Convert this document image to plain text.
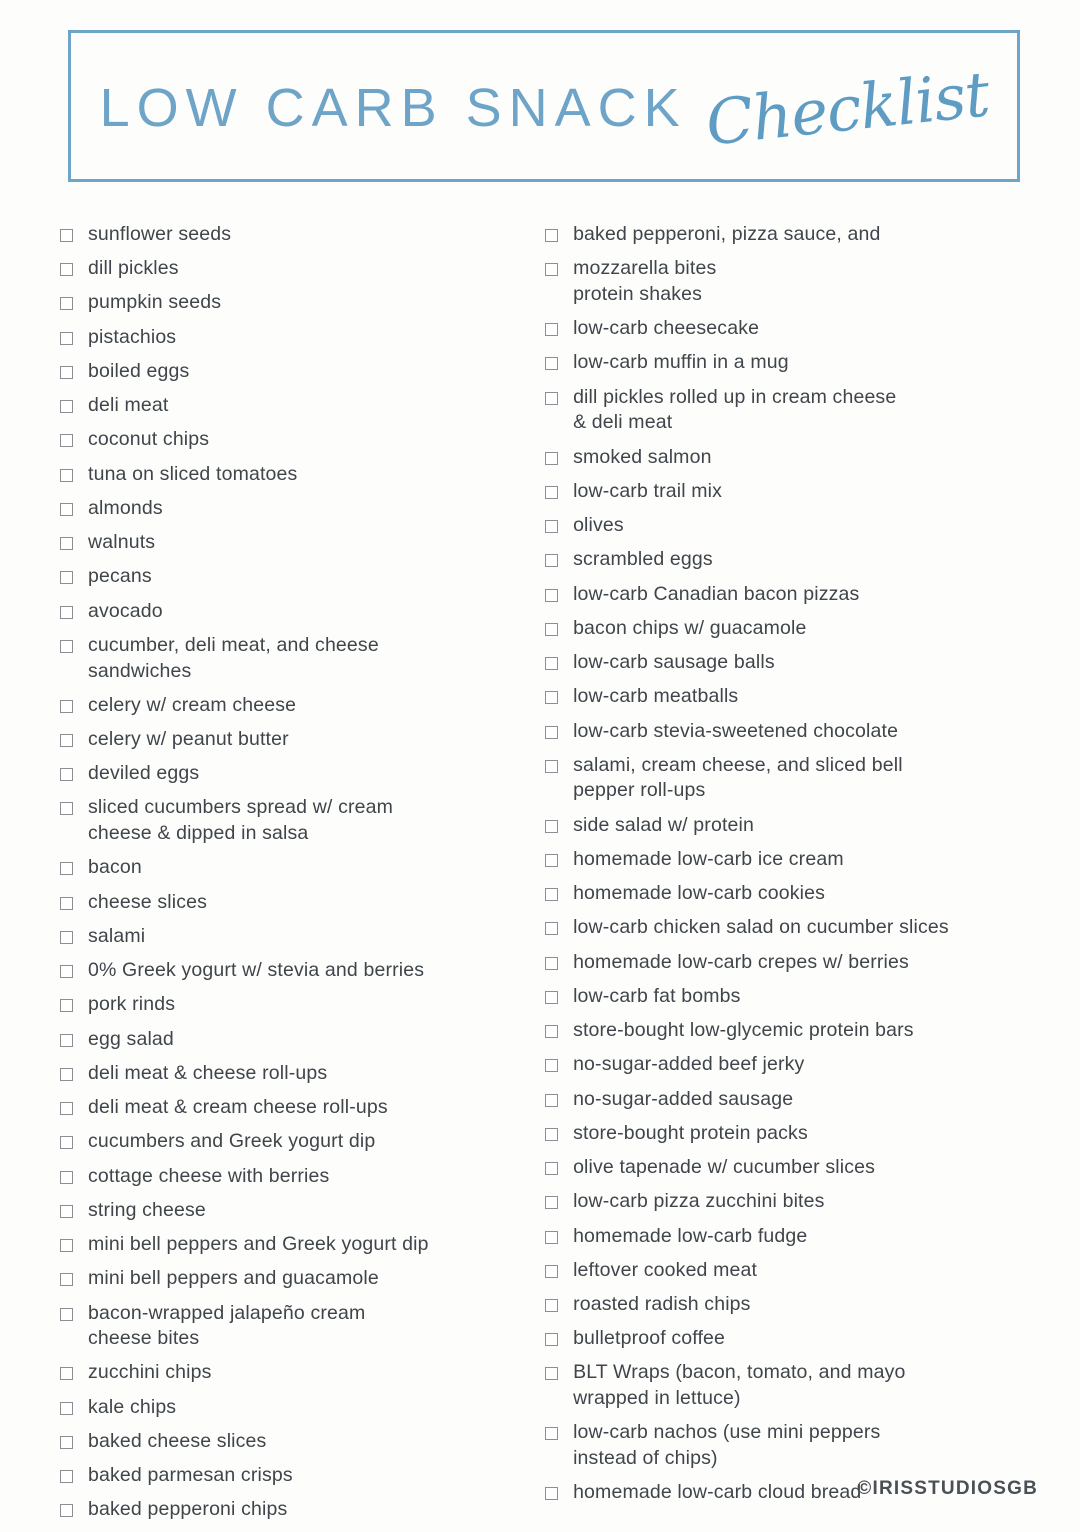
LOW CARB SNACK Checklist
sunflower seeds
dill pickles
pumpkin seeds
pistachios
boiled eggs
deli meat
coconut chips
tuna on sliced tomatoes
almonds
walnuts
pecans
avocado
cucumber, deli meat, and cheese
sandwiches
celery w/ cream cheese
celery w/ peanut butter
deviled eggs
sliced cucumbers spread w/ cream
cheese & dipped in salsa
bacon
cheese slices
salami
0% Greek yogurt w/ stevia and berries
pork rinds
egg salad
deli meat & cheese roll-ups
deli meat & cream cheese roll-ups
cucumbers and Greek yogurt dip
cottage cheese with berries
string cheese
mini bell peppers and Greek yogurt dip
mini bell peppers and guacamole
bacon-wrapped jalapeño cream
cheese bites
zucchini chips
kale chips
baked cheese slices
baked parmesan crisps
baked pepperoni chips
baked pepperoni, pizza sauce, and
mozzarella bites
protein shakes
low-carb cheesecake
low-carb muffin in a mug
dill pickles rolled up in cream cheese
& deli meat
smoked salmon
low-carb trail mix
olives
scrambled eggs
low-carb Canadian bacon pizzas
bacon chips w/ guacamole
low-carb sausage balls
low-carb meatballs
low-carb stevia-sweetened chocolate
salami, cream cheese, and sliced bell
pepper roll-ups
side salad w/ protein
homemade low-carb ice cream
homemade low-carb cookies
low-carb chicken salad on cucumber slices
homemade low-carb crepes w/ berries
low-carb fat bombs
store-bought low-glycemic protein bars
no-sugar-added beef jerky
no-sugar-added sausage
store-bought protein packs
olive tapenade w/ cucumber slices
low-carb pizza zucchini bites
homemade low-carb fudge
leftover cooked meat
roasted radish chips
bulletproof coffee
BLT Wraps (bacon, tomato, and mayo
wrapped in lettuce)
low-carb nachos (use mini peppers
instead of chips)
homemade low-carb cloud bread
©IRISSTUDIOSGB
